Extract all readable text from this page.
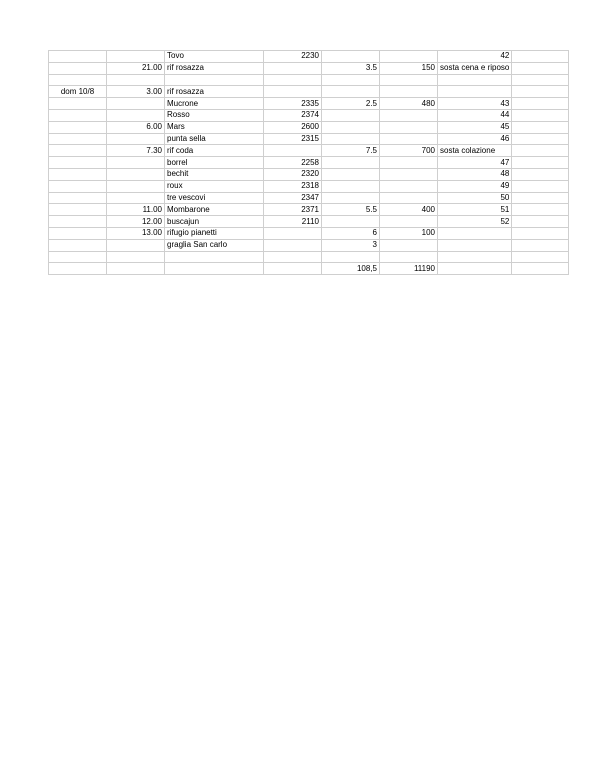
		Tovo	2230			42	
	21.00	rif rosazza		3.5	150	sosta cena e riposo	

dom 10/8	3.00	rif rosazza					
		Mucrone	2335	2.5	480	43	
		Rosso	2374			44	
	6.00	Mars	2600			45	
		punta sella	2315			46	
	7.30	rif coda		7.5	700	sosta colazione	
		borrel	2258			47	
		bechit	2320			48	
		roux	2318			49	
		tre vescovi	2347			50	
	11.00	Mombarone	2371	5.5	400	51	
	12.00	buscajun	2110			52	
	13.00	rifugio pianetti		6	100		
		graglia San carlo		3			

				108,5	11190		
